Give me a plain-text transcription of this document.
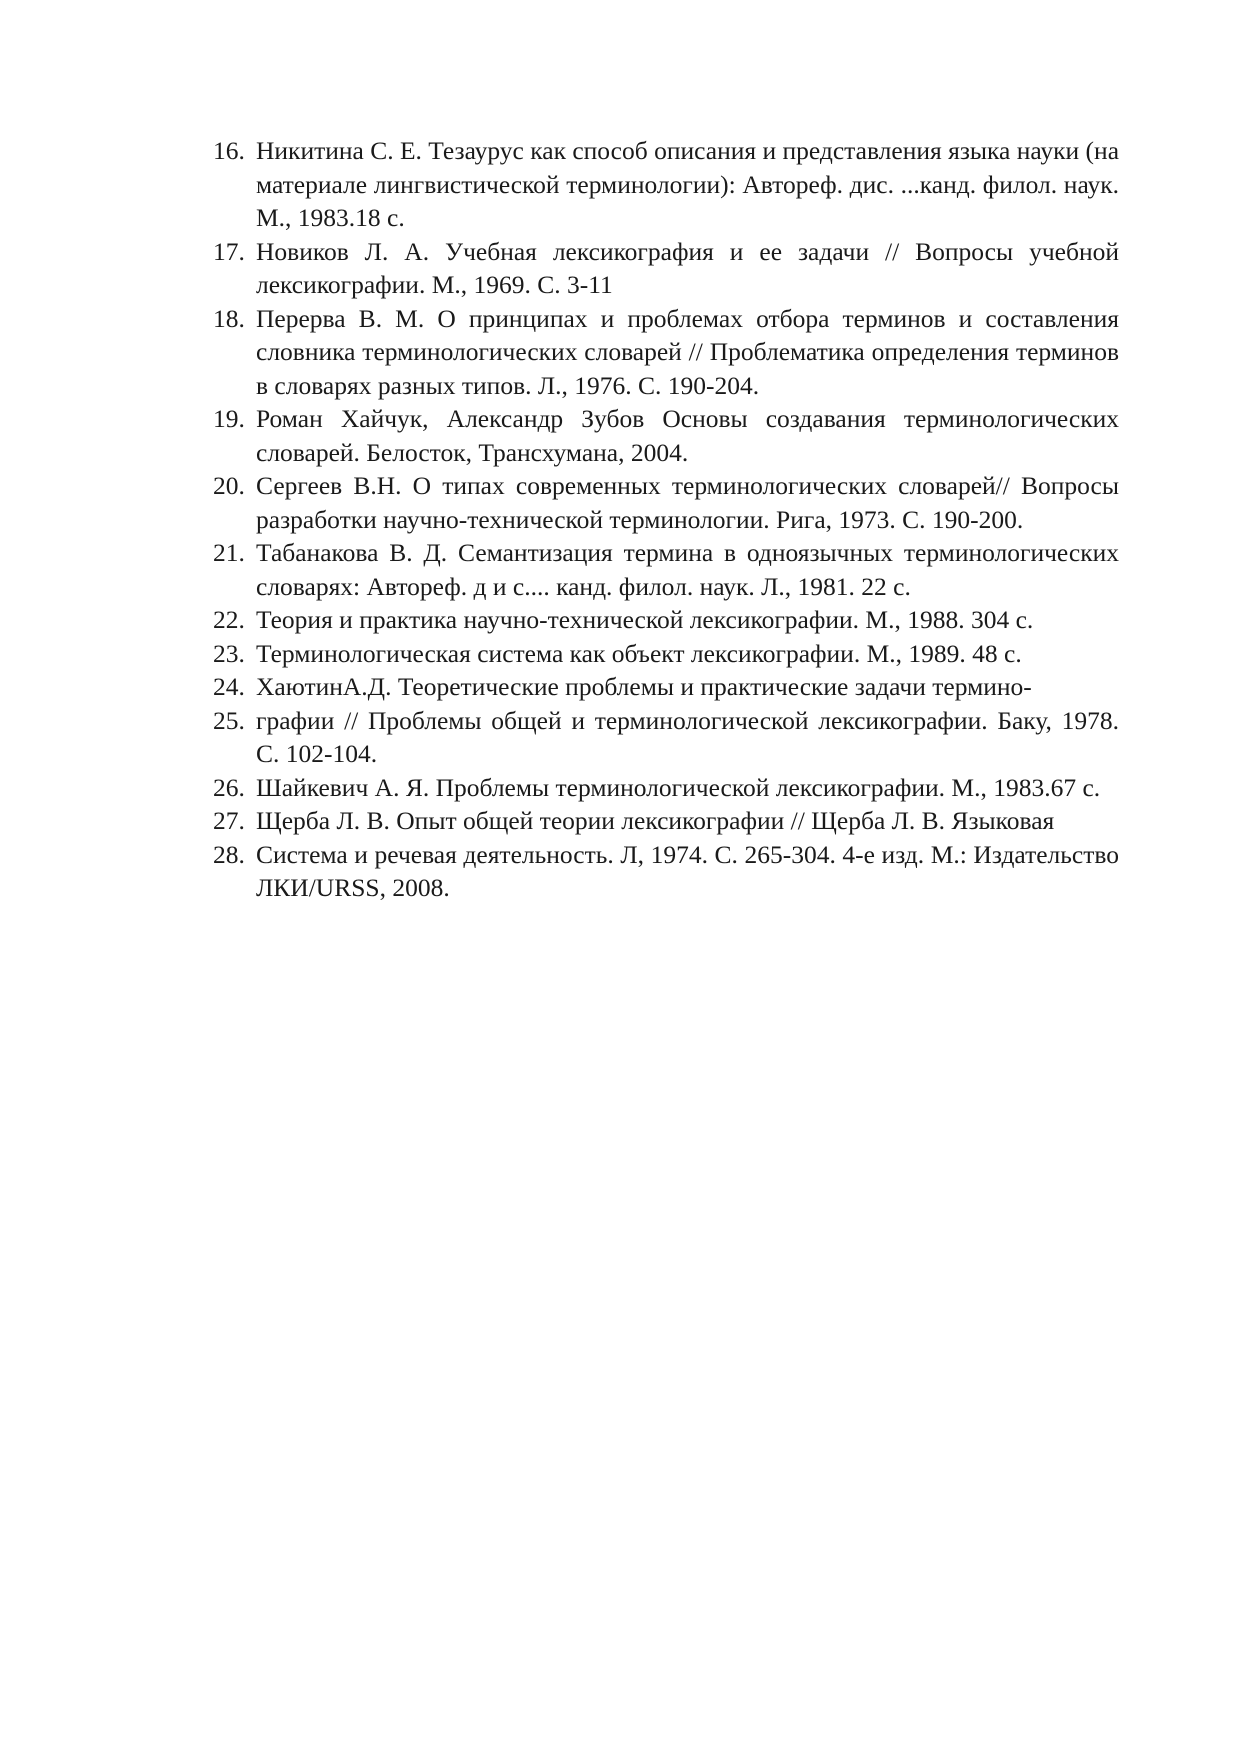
16. Никитина С. Е. Тезаурус как способ описания и представления языка науки (на материале лингвистической терминологии): Автореф. дис. ...канд. филол. наук. М., 1983.18 с.
17. Новиков Л. А. Учебная лексикография и ее задачи // Вопросы учебной лексикографии. М., 1969. С. 3-11
18. Перерва В. М. О принципах и проблемах отбора терминов и составления словника терминологических словарей // Проблематика определения терминов в словарях разных типов. Л., 1976. С. 190-204.
19. Роман Хайчук, Александр Зубов Основы создавания терминологических словарей. Белосток, Трансхумана, 2004.
20. Сергеев В.Н. О типах современных терминологических словарей// Вопросы разработки научно-технической терминологии. Рига, 1973. С. 190-200.
21. Табанакова В. Д. Семантизация термина в одноязычных терминологических словарях: Автореф. д и с.... канд. филол. наук. Л., 1981. 22 с.
22. Теория и практика научно-технической лексикографии. М., 1988. 304 с.
23. Терминологическая система как объект лексикографии. М., 1989. 48 с.
24. ХаютинА.Д. Теоретические проблемы и практические задачи термино-
25. графии // Проблемы общей и терминологической лексикографии. Баку, 1978. С. 102-104.
26. Шайкевич А. Я. Проблемы терминологической лексикографии. М., 1983.67 с.
27. Щерба Л. В. Опыт общей теории лексикографии // Щерба Л. В. Языковая
28. Система и речевая деятельность. Л, 1974. С. 265-304. 4-е изд. М.: Издательство ЛКИ/URSS, 2008.
